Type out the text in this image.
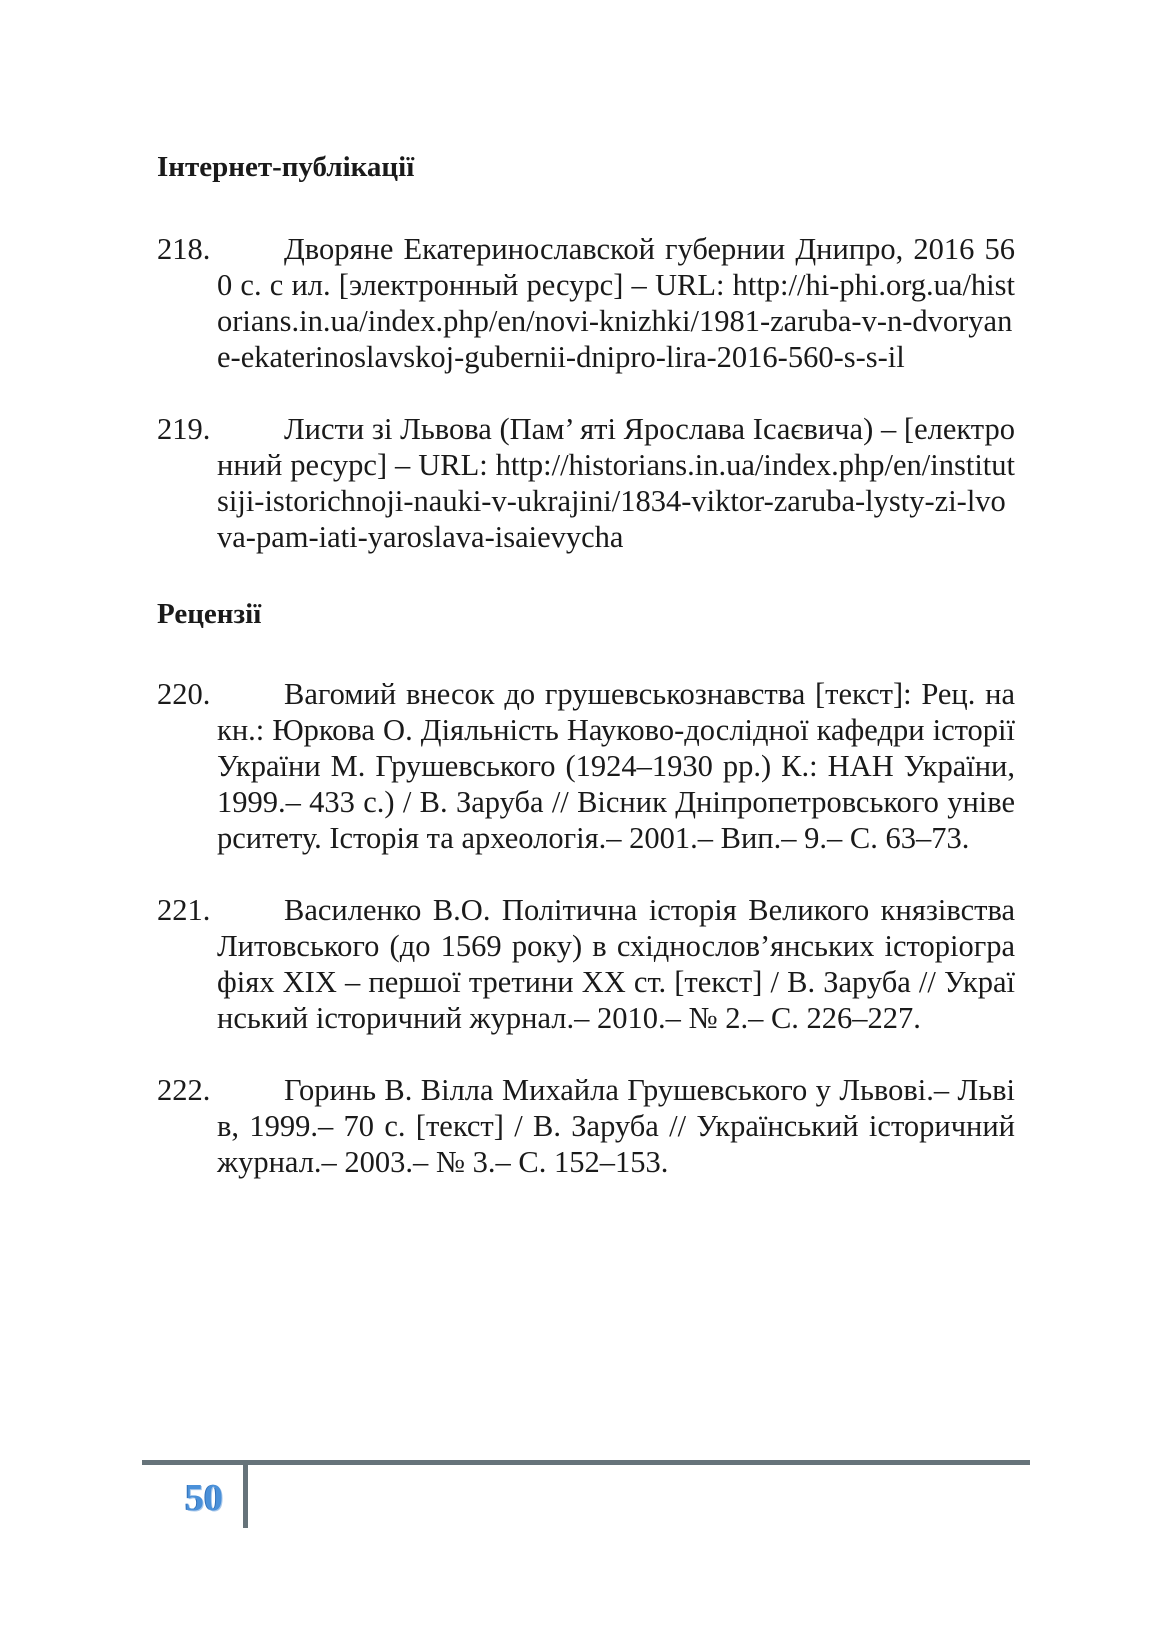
Інтернет-публікації

218.	Дворяне Екатеринославской губернии Днипро, 2016 560 с. с ил. [электронный ресурс] – URL: http://hi-phi.org.ua/historians.in.ua/index.php/en/novi-knizhki/1981-zaruba-v-n-dvoryane-ekaterinoslavskoj-gubernii-dnipro-lira-2016-560-s-s-il

219.	Листи зі Львова (Пам’ яті Ярослава Ісаєвича) – [електронний ресурс] – URL: http://historians.in.ua/index.php/en/institutsiji-istorichnoji-nauki-v-ukrajini/1834-viktor-zaruba-lysty-zi-lvova-pam-iati-yaroslava-isaievycha

Рецензії

220.	Вагомий внесок до грушевськознавства [текст]: Рец. на кн.: Юркова О. Діяльність Науково-дослідної кафедри історії України М. Грушевського (1924–1930 рр.) К.: НАН України, 1999.– 433 с.) / В. Заруба // Вісник Дніпропетровського університету. Історія та археологія.– 2001.– Вип.– 9.– С. 63–73.

221.	Василенко В.О. Політична історія Великого князівства Литовського (до 1569 року) в східнослов’янських історіографіях ХІХ – першої третини ХХ ст. [текст] / В. Заруба // Український історичний журнал.– 2010.– № 2.– С. 226–227.

222.	Горинь В. Вілла Михайла Грушевського у Львові.– Львів, 1999.– 70 с. [текст] / В. Заруба // Український історичний журнал.– 2003.– № 3.– С. 152–153.

50
